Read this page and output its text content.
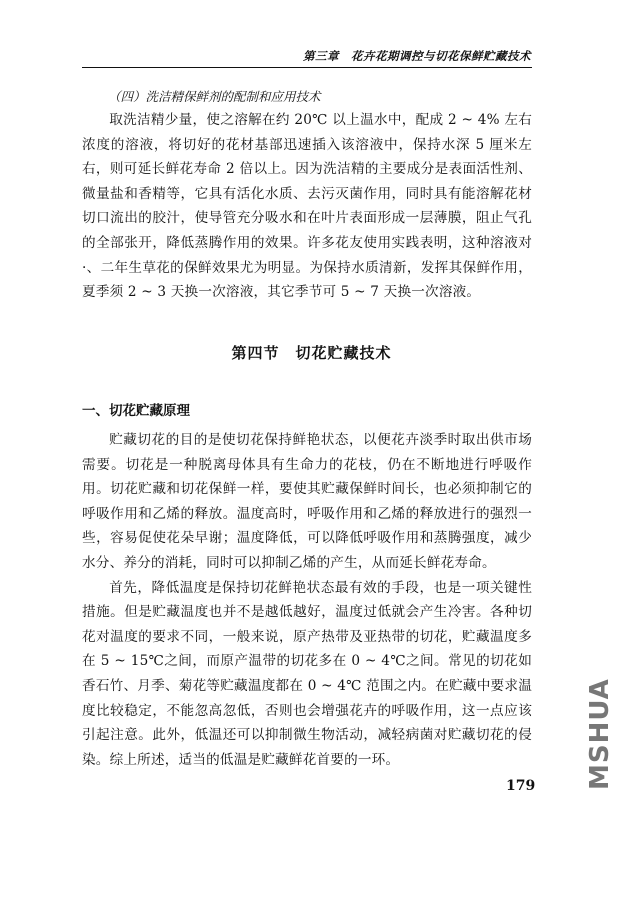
第三章　花卉花期调控与切花保鲜贮藏技术

（四）洗洁精保鲜剂的配制和应用技术

取洗洁精少量，使之溶解在约 20℃ 以上温水中，配成 2 ~ 4% 左右浓度的溶液，将切好的花材基部迅速插入该溶液中，保持水深 5 厘米左右，则可延长鲜花寿命 2 倍以上。因为洗洁精的主要成分是表面活性剂、微量盐和香精等，它具有活化水质、去污灭菌作用，同时具有能溶解花材切口流出的胶汁，使导管充分吸水和在叶片表面形成一层薄膜，阻止气孔的全部张开，降低蒸腾作用的效果。许多花友使用实践表明，这种溶液对 ·、二年生草花的保鲜效果尤为明显。为保持水质清新，发挥其保鲜作用，夏季须 2 ~ 3 天换一次溶液，其它季节可 5 ~ 7 天换一次溶液。

第四节　切花贮藏技术
一、切花贮藏原理

贮藏切花的目的是使切花保持鲜艳状态，以便花卉淡季时取出供市场需要。切花是一种脱离母体具有生命力的花枝，仍在不断地进行呼吸作用。切花贮藏和切花保鲜一样，要使其贮藏保鲜时间长，也必须抑制它的呼吸作用和乙烯的释放。温度高时，呼吸作用和乙烯的释放进行的强烈一些，容易促使花朵早谢；温度降低，可以降低呼吸作用和蒸腾强度，减少水分、养分的消耗，同时可以抑制乙烯的产生，从而延长鲜花寿命。

首先，降低温度是保持切花鲜艳状态最有效的手段，也是一项关键性措施。但是贮藏温度也并不是越低越好，温度过低就会产生冷害。各种切花对温度的要求不同，一般来说，原产热带及亚热带的切花，贮藏温度多在 5 ~ 15℃之间，而原产温带的切花多在 0 ~ 4℃之间。常见的切花如香石竹、月季、菊花等贮藏温度都在 0 ~ 4℃ 范围之内。在贮藏中要求温度比较稳定，不能忽高忽低，否则也会增强花卉的呼吸作用，这一点应该引起注意。此外，低温还可以抑制微生物活动，减轻病菌对贮藏切花的侵染。综上所述，适当的低温是贮藏鲜花首要的一环。

179 MSHUA
